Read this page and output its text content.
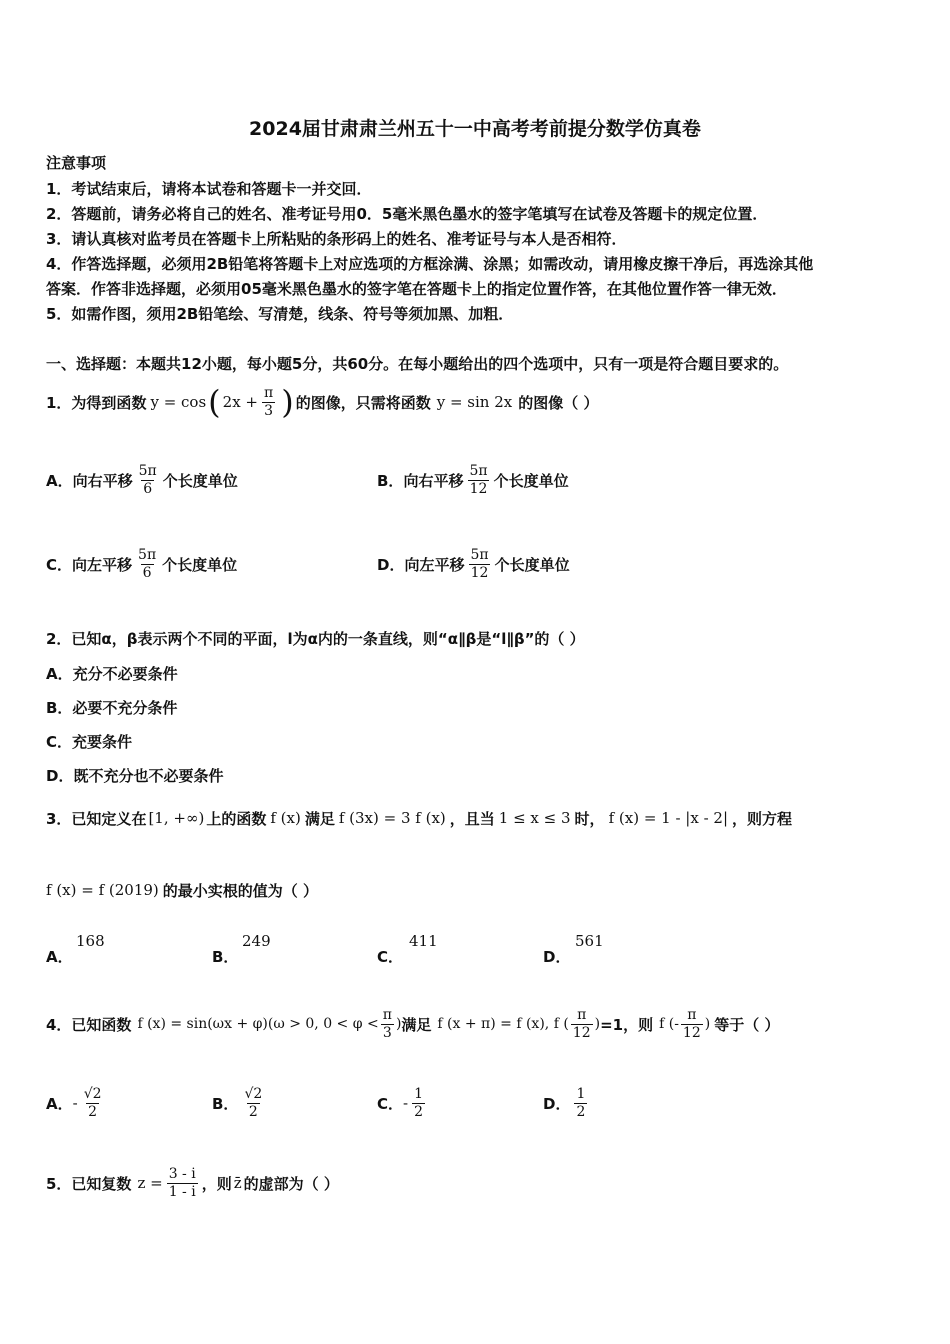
2024届甘肃肃兰州五十一中高考考前提分数学仿真卷
注意事项
1．考试结束后，请将本试卷和答题卡一并交回．
2．答题前，请务必将自己的姓名、准考证号用0．5毫米黑色墨水的签字笔填写在试卷及答题卡的规定位置．
3．请认真核对监考员在答题卡上所粘贴的条形码上的姓名、准考证号与本人是否相符．
4．作答选择题，必须用2B铅笔将答题卡上对应选项的方框涂满、涂黑；如需改动，请用橡皮擦干净后，再选涂其他
答案．作答非选择题，必须用05毫米黑色墨水的签字笔在答题卡上的指定位置作答，在其他位置作答一律无效．
5．如需作图，须用2B铅笔绘、写清楚，线条、符号等须加黑、加粗．
一、选择题：本题共12小题，每小题5分，共60分。在每小题给出的四个选项中，只有一项是符合题目要求的。
1．为得到函数 y = cos ( $2x + \frac{\pi}{3}$ ) 的图像，只需将函数 y = sin 2x 的图像（ ）
A． 向右平移 $\frac{5\pi}{6}$ 个长度单位	B． 向右平移 $\frac{5\pi}{12}$ 个长度单位
C． 向左平移 $\frac{5\pi}{6}$ 个长度单位	D． 向左平移 $\frac{5\pi}{12}$ 个长度单位
2．已知α，β表示两个不同的平面，l为α内的一条直线，则“α∥β是“l∥β”的（ ）
A．充分不必要条件
B．必要不充分条件
C．充要条件
D．既不充分也不必要条件
3．已知定义在 [1, +∞) 上的函数 f (x) 满足 f (3x) = 3 f (x) ，且当 1 ≤ x ≤ 3 时， f (x) = 1 - |x - 2| ，则方程
f (x) = f (2019) 的最小实根的值为（ ）
A．
168
B．
249
C．
411
D．
561
4．已知函数 f (x) = sin(ωx + φ)(ω > 0, $0 < \varphi < \frac{\pi}{3}$ ) 满足 f (x + π) = f (x), f ( $\frac{\pi}{12}$ ) =1，则 f (- $\frac{\pi}{12}$ ) 等于（ ）
A． - $\frac{√2}{2}$	B． $\frac{√2}{2}$	C． - $\frac{1}{2}$	D． $\frac{1}{2}$
5．已知复数 $z = \frac{3 - i}{1 - i}$ ，则 z̄ 的虚部为（ ）
